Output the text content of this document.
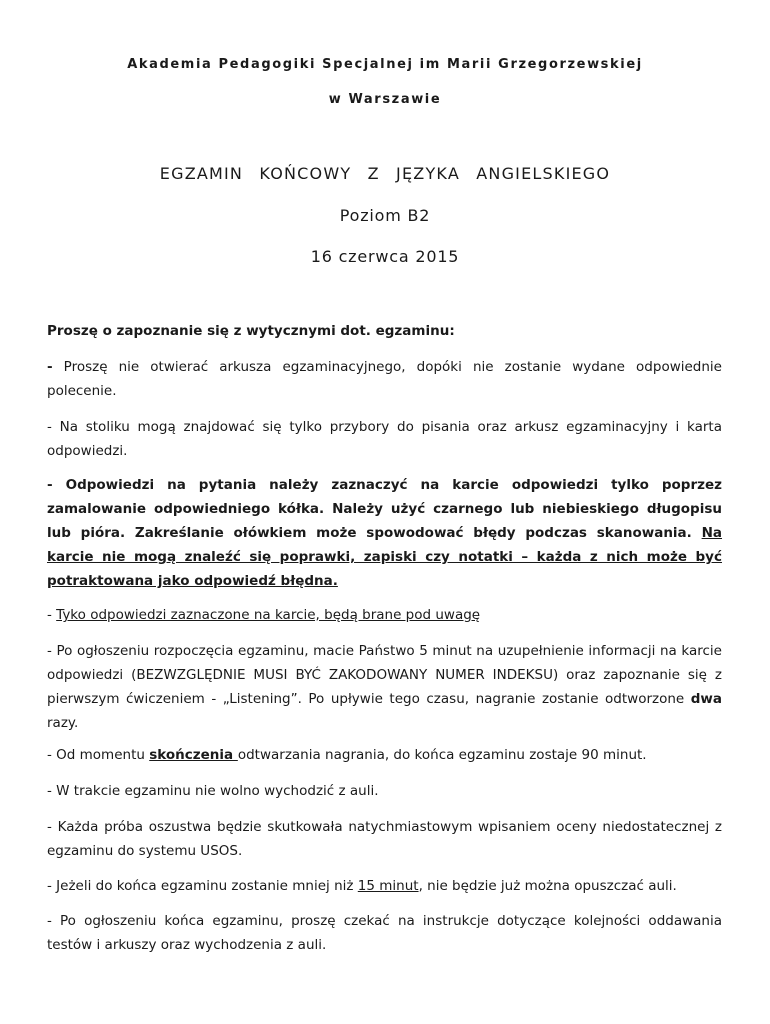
Akademia Pedagogiki Specjalnej im Marii Grzegorzewskiej
w Warszawie
EGZAMIN KOŃCOWY Z JĘZYKA ANGIELSKIEGO
Poziom B2
16 czerwca 2015
Proszę o zapoznanie się z wytycznymi dot. egzaminu:
- Proszę nie otwierać arkusza egzaminacyjnego, dopóki nie zostanie wydane odpowiednie polecenie.
- Na stoliku mogą znajdować się tylko przybory do pisania oraz arkusz egzaminacyjny i karta odpowiedzi.
- Odpowiedzi na pytania należy zaznaczyć na karcie odpowiedzi tylko poprzez zamalowanie odpowiedniego kółka. Należy użyć czarnego lub niebieskiego długopisu lub pióra. Zakreślanie ołówkiem może spowodować błędy podczas skanowania. Na karcie nie mogą znaleźć się poprawki, zapiski czy notatki – każda z nich może być potraktowana jako odpowiedź błędna.
- Tyko odpowiedzi zaznaczone na karcie, będą brane pod uwagę
- Po ogłoszeniu rozpoczęcia egzaminu, macie Państwo 5 minut na uzupełnienie informacji na karcie odpowiedzi (BEZWZGLĘDNIE MUSI BYĆ ZAKODOWANY NUMER INDEKSU) oraz zapoznanie się z pierwszym ćwiczeniem - „Listening”. Po upływie tego czasu, nagranie zostanie odtworzone dwa razy.
- Od momentu skończenia odtwarzania nagrania, do końca egzaminu zostaje 90 minut.
- W trakcie egzaminu nie wolno wychodzić z auli.
- Każda próba oszustwa będzie skutkowała natychmiastowym wpisaniem oceny niedostatecznej z egzaminu do systemu USOS.
- Jeżeli do końca egzaminu zostanie mniej niż 15 minut, nie będzie już można opuszczać auli.
- Po ogłoszeniu końca egzaminu, proszę czekać na instrukcje dotyczące kolejności oddawania testów i arkuszy oraz wychodzenia z auli.
